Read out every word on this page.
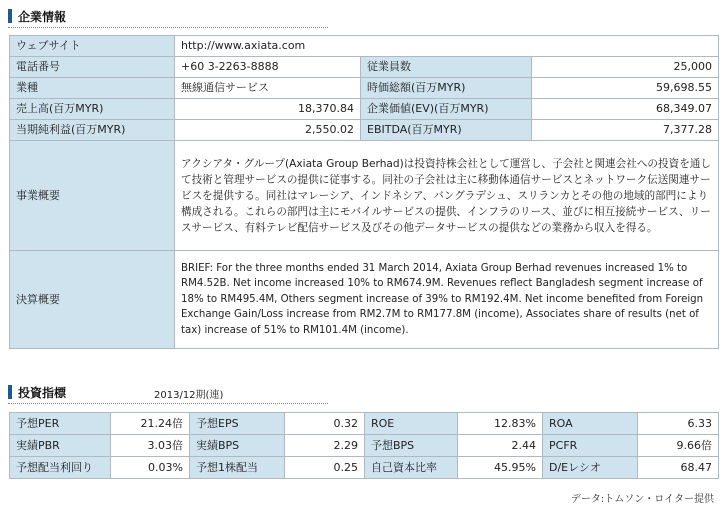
企業情報
ウェブサイト	http://www.axiata.com		
電話番号	+60 3-2263-8888	従業員数	25,000
業種	無線通信サービス	時価総額(百万MYR)	59,698.55
売上高(百万MYR)	18,370.84	企業価値(EV)(百万MYR)	68,349.07
当期純利益(百万MYR)	2,550.02	EBITDA(百万MYR)	7,377.28
事業概要	アクシアタ・グループ(Axiata Group Berhad)は投資持株会社として運営し、子会社と関連会社への投資を通して技術と管理サービスの提供に従事する。同社の子会社は主に移動体通信サービスとネットワーク伝送関連サービスを提供する。同社はマレーシア、インドネシア、バングラデシュ、スリランカとその他の地域的部門により構成される。これらの部門は主にモバイルサービスの提供、インフラのリース、並びに相互接続サービス、リースサービス、有料テレビ配信サービス及びその他データサービスの提供などの業務から収入を得る。		
決算概要	BRIEF: For the three months ended 31 March 2014, Axiata Group Berhad revenues increased 1% to RM4.52B. Net income increased 10% to RM674.9M. Revenues reflect Bangladesh segment increase of 18% to RM495.4M, Others segment increase of 39% to RM192.4M. Net income benefited from Foreign Exchange Gain/Loss increase from RM2.7M to RM177.8M (income), Associates share of results (net of tax) increase of 51% to RM101.4M (income).		
投資指標	2013/12期(連)
予想PER	21.24倍	予想EPS	0.32	ROE	12.83%	ROA	6.33
実績PBR	3.03倍	実績BPS	2.29	予想BPS	2.44	PCFR	9.66倍
予想配当利回り	0.03%	予想1株配当	0.25	自己資本比率	45.95%	D/Eレシオ	68.47
データ:トムソン・ロイター提供
